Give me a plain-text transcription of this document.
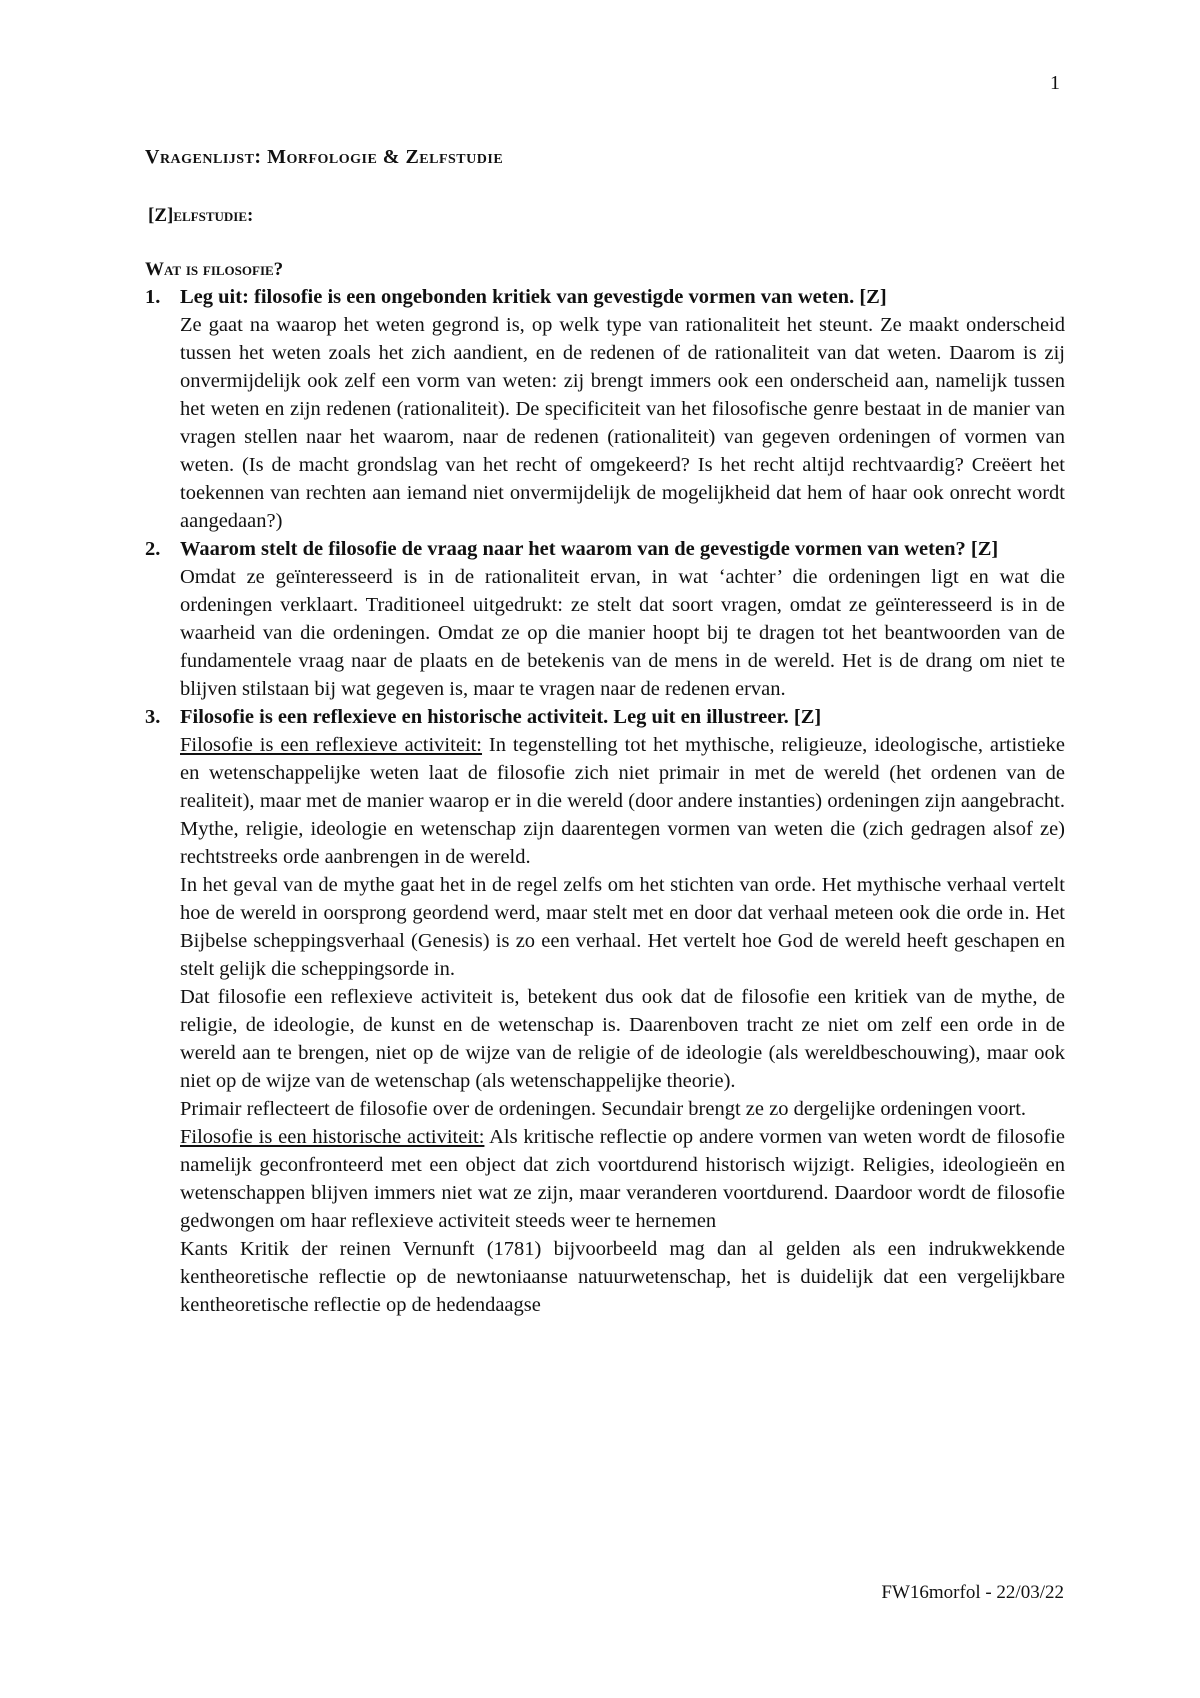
1
Vragenlijst: Morfologie & Zelfstudie
[Z]elfstudie:
Wat is filosofie?
1. Leg uit: filosofie is een ongebonden kritiek van gevestigde vormen van weten. [Z]

Ze gaat na waarop het weten gegrond is, op welk type van rationaliteit het steunt. Ze maakt onderscheid tussen het weten zoals het zich aandient, en de redenen of de rationaliteit van dat weten. Daarom is zij onvermijdelijk ook zelf een vorm van weten: zij brengt immers ook een onderscheid aan, namelijk tussen het weten en zijn redenen (rationaliteit). De specificiteit van het filosofische genre bestaat in de manier van vragen stellen naar het waarom, naar de redenen (rationaliteit) van gegeven ordeningen of vormen van weten. (Is de macht grondslag van het recht of omgekeerd? Is het recht altijd rechtvaardig? Creëert het toekennen van rechten aan iemand niet onvermijdelijk de mogelijkheid dat hem of haar ook onrecht wordt aangedaan?)

2. Waarom stelt de filosofie de vraag naar het waarom van de gevestigde vormen van weten? [Z]

Omdat ze geïnteresseerd is in de rationaliteit ervan, in wat ‘achter’ die ordeningen ligt en wat die ordeningen verklaart. Traditioneel uitgedrukt: ze stelt dat soort vragen, omdat ze geïnteresseerd is in de waarheid van die ordeningen. Omdat ze op die manier hoopt bij te dragen tot het beantwoorden van de fundamentele vraag naar de plaats en de betekenis van de mens in de wereld. Het is de drang om niet te blijven stilstaan bij wat gegeven is, maar te vragen naar de redenen ervan.

3. Filosofie is een reflexieve en historische activiteit. Leg uit en illustreer. [Z]

Filosofie is een reflexieve activiteit: In tegenstelling tot het mythische, religieuze, ideologische, artistieke en wetenschappelijke weten laat de filosofie zich niet primair in met de wereld (het ordenen van de realiteit), maar met de manier waarop er in die wereld (door andere instanties) ordeningen zijn aangebracht. Mythe, religie, ideologie en wetenschap zijn daarentegen vormen van weten die (zich gedragen alsof ze) rechtstreeks orde aanbrengen in de wereld.

In het geval van de mythe gaat het in de regel zelfs om het stichten van orde. Het mythische verhaal vertelt hoe de wereld in oorsprong geordend werd, maar stelt met en door dat verhaal meteen ook die orde in. Het Bijbelse scheppingsverhaal (Genesis) is zo een verhaal. Het vertelt hoe God de wereld heeft geschapen en stelt gelijk die scheppingsorde in.

Dat filosofie een reflexieve activiteit is, betekent dus ook dat de filosofie een kritiek van de mythe, de religie, de ideologie, de kunst en de wetenschap is. Daarenboven tracht ze niet om zelf een orde in de wereld aan te brengen, niet op de wijze van de religie of de ideologie (als wereldbeschouwing), maar ook niet op de wijze van de wetenschap (als wetenschappelijke theorie).

Primair reflecteert de filosofie over de ordeningen. Secundair brengt ze zo dergelijke ordeningen voort.

Filosofie is een historische activiteit: Als kritische reflectie op andere vormen van weten wordt de filosofie namelijk geconfronteerd met een object dat zich voortdurend historisch wijzigt. Religies, ideologieën en wetenschappen blijven immers niet wat ze zijn, maar veranderen voortdurend. Daardoor wordt de filosofie gedwongen om haar reflexieve activiteit steeds weer te hernemen

Kants Kritik der reinen Vernunft (1781) bijvoorbeeld mag dan al gelden als een indrukwekkende kentheoretische reflectie op de newtoniaanse natuurwetenschap, het is duidelijk dat een vergelijkbare kentheoretische reflectie op de hedendaagse

FW16morfol - 22/03/22
